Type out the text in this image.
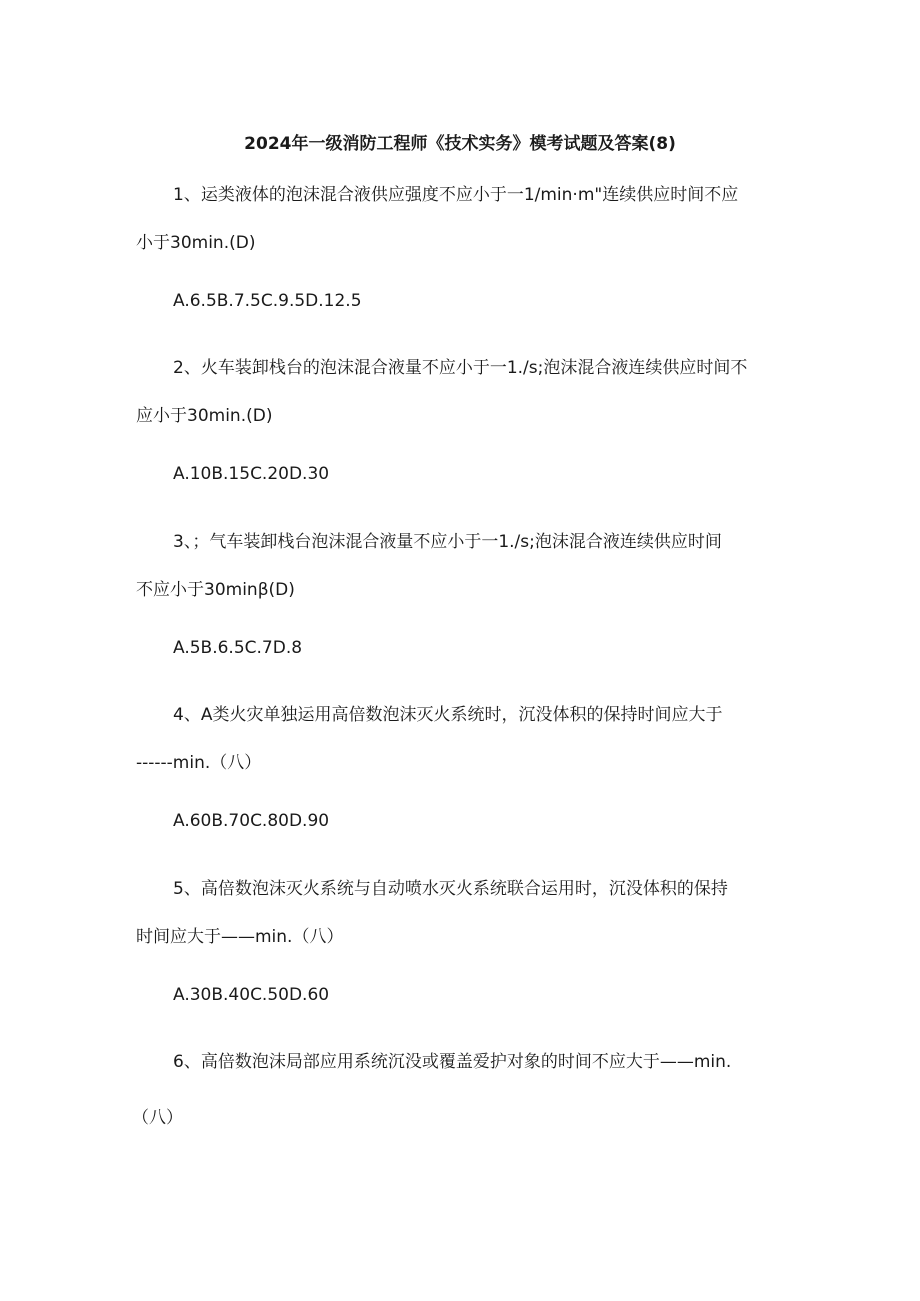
2024年一级消防工程师《技术实务》模考试题及答案(8)
1、运类液体的泡沫混合液供应强度不应小于一1∕min·m"连续供应时间不应
小于30min.(D)
A.6.5B.7.5C.9.5D.12.5
2、火车装卸栈台的泡沫混合液量不应小于一1./s;泡沫混合液连续供应时间不
应小于30min.(D)
A.10B.15C.20D.30
3、；气车装卸栈台泡沫混合液量不应小于一1./s;泡沫混合液连续供应时间
不应小于30minβ(D)
A.5B.6.5C.7D.8
4、A类火灾单独运用高倍数泡沫灭火系统时，沉没体积的保持时间应大于
------min.（八）
A.60B.70C.80D.90
5、高倍数泡沫灭火系统与自动喷水灭火系统联合运用时，沉没体积的保持
时间应大于——min.（八）
A.30B.40C.50D.60
6、高倍数泡沫局部应用系统沉没或覆盖爱护对象的时间不应大于——min.
（八）
